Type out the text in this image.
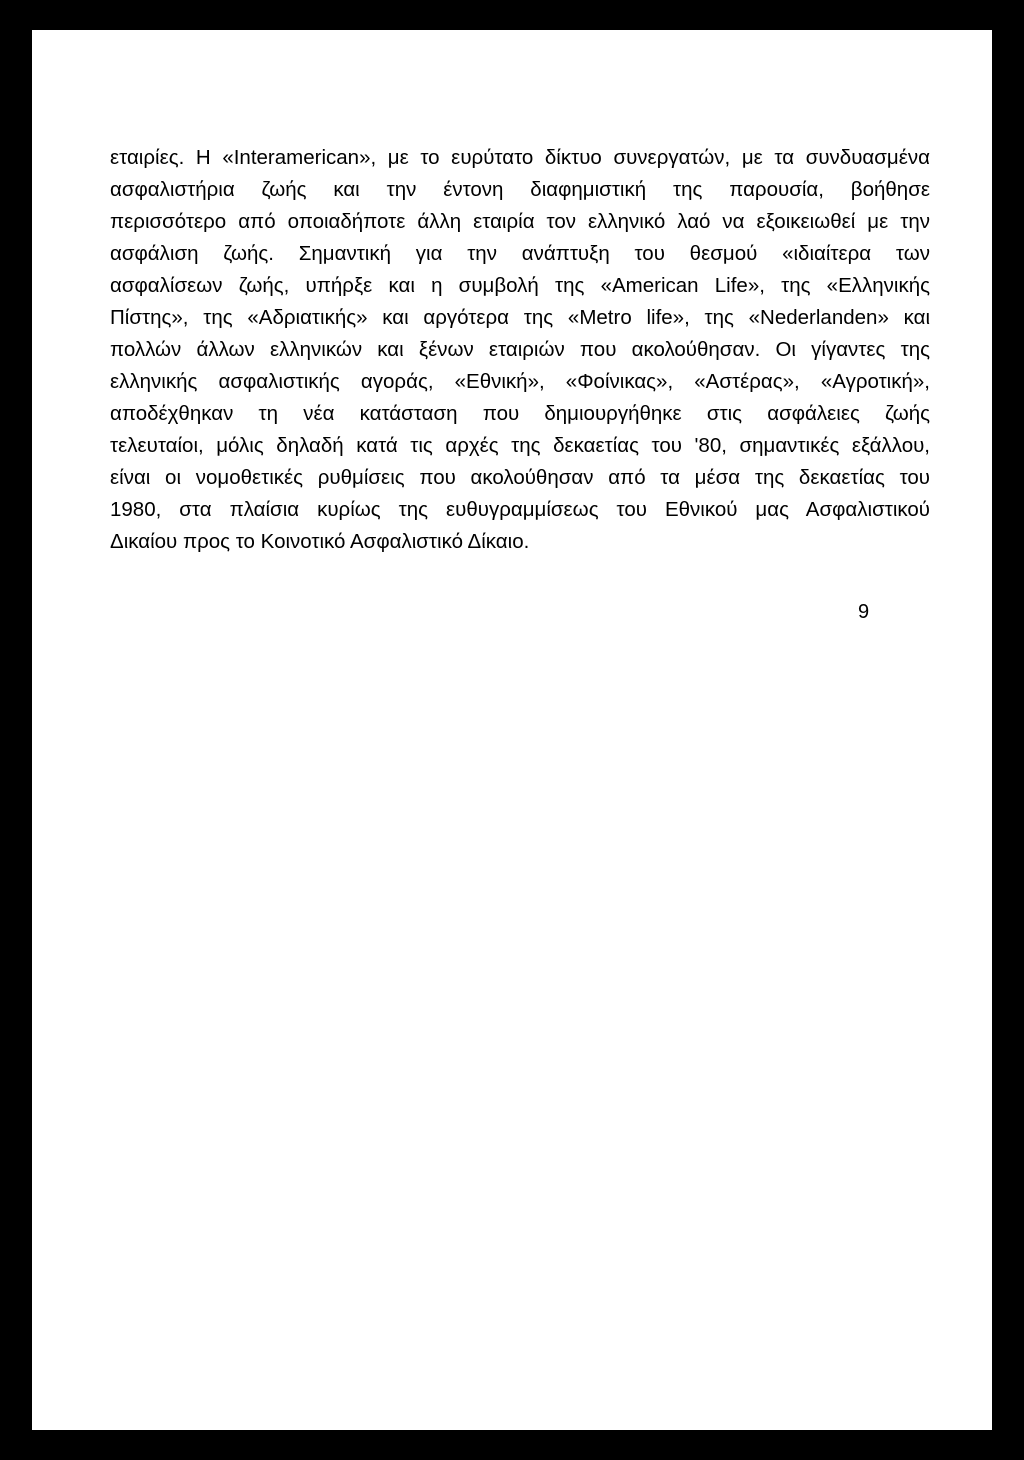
εταιρίες. Η «Interamerican», με το ευρύτατο δίκτυο συνεργατών, με τα συνδυασμένα
ασφαλιστήρια ζωής και την έντονη διαφημιστική της παρουσία, βοήθησε
περισσότερο από οποιαδήποτε άλλη εταιρία τον ελληνικό λαό να εξοικειωθεί με την
ασφάλιση ζωής. Σημαντική για την ανάπτυξη του θεσμού «ιδιαίτερα των
ασφαλίσεων ζωής, υπήρξε και η συμβολή της «American Life», της «Ελληνικής
Πίστης», της «Αδριατικής» και αργότερα της «Metro life», της «Nederlanden» και
πολλών άλλων ελληνικών και ξένων εταιριών που ακολούθησαν. Οι γίγαντες της
ελληνικής ασφαλιστικής αγοράς, «Εθνική», «Φοίνικας», «Αστέρας», «Αγροτική»,
αποδέχθηκαν τη νέα κατάσταση που δημιουργήθηκε στις ασφάλειες ζωής
τελευταίοι, μόλις δηλαδή κατά τις αρχές της δεκαετίας του '80, σημαντικές εξάλλου,
είναι οι νομοθετικές ρυθμίσεις που ακολούθησαν από τα μέσα της δεκαετίας του
1980, στα πλαίσια κυρίως της ευθυγραμμίσεως του Εθνικού μας Ασφαλιστικού
Δικαίου προς το Κοινοτικό Ασφαλιστικό Δίκαιο.

9
